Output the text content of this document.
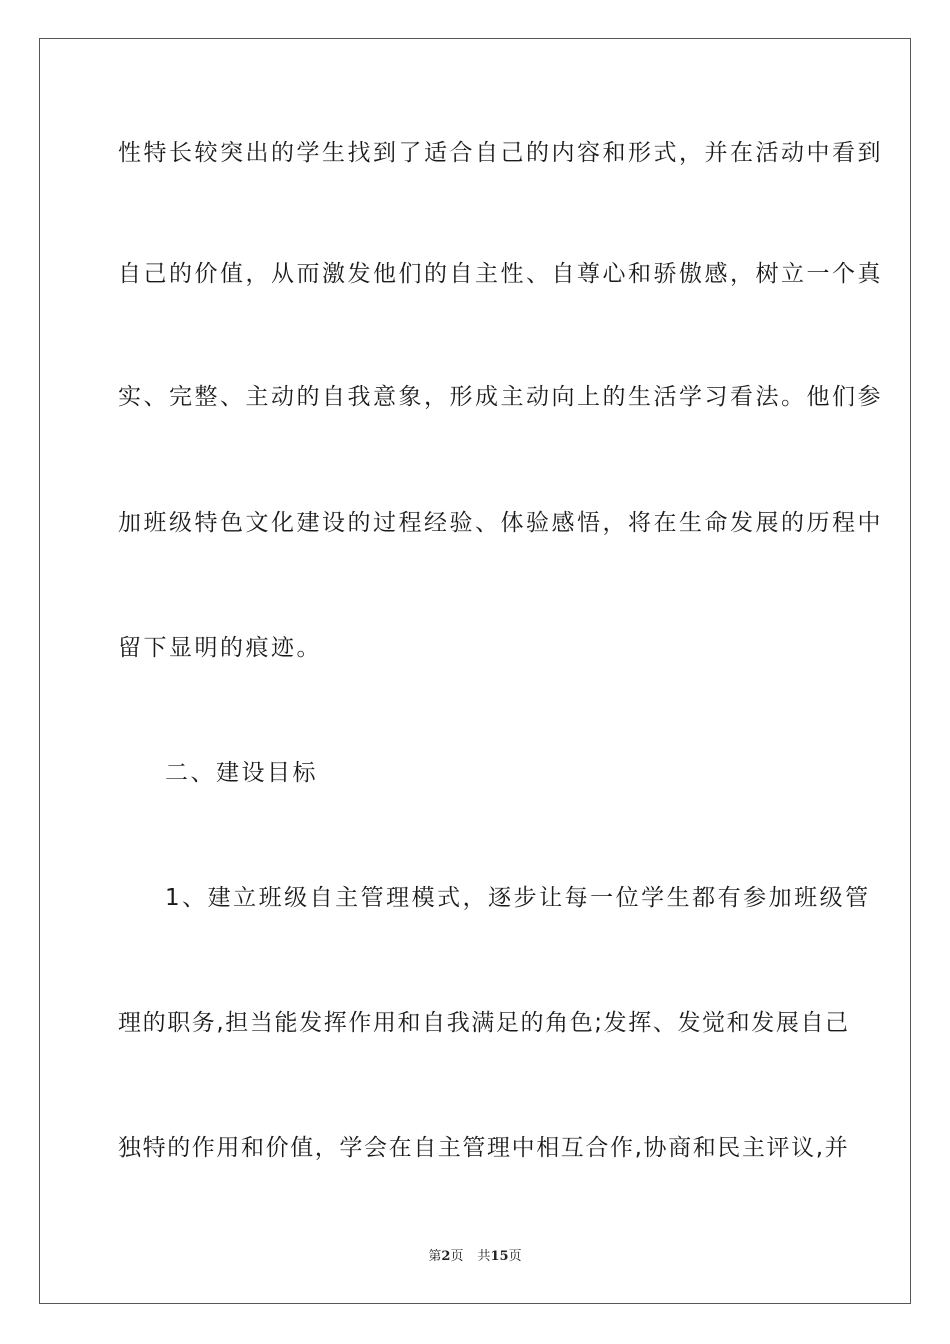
性特长较突出的学生找到了适合自己的内容和形式，并在活动中看到
自己的价值，从而激发他们的自主性、自尊心和骄傲感，树立一个真
实、完整、主动的自我意象，形成主动向上的生活学习看法。他们参
加班级特色文化建设的过程经验、体验感悟，将在生命发展的历程中
留下显明的痕迹。
二、建设目标
1、建立班级自主管理模式，逐步让每一位学生都有参加班级管
理的职务,担当能发挥作用和自我满足的角色;发挥、发觉和发展自己
独特的作用和价值，学会在自主管理中相互合作,协商和民主评议,并
第2页 共15页
